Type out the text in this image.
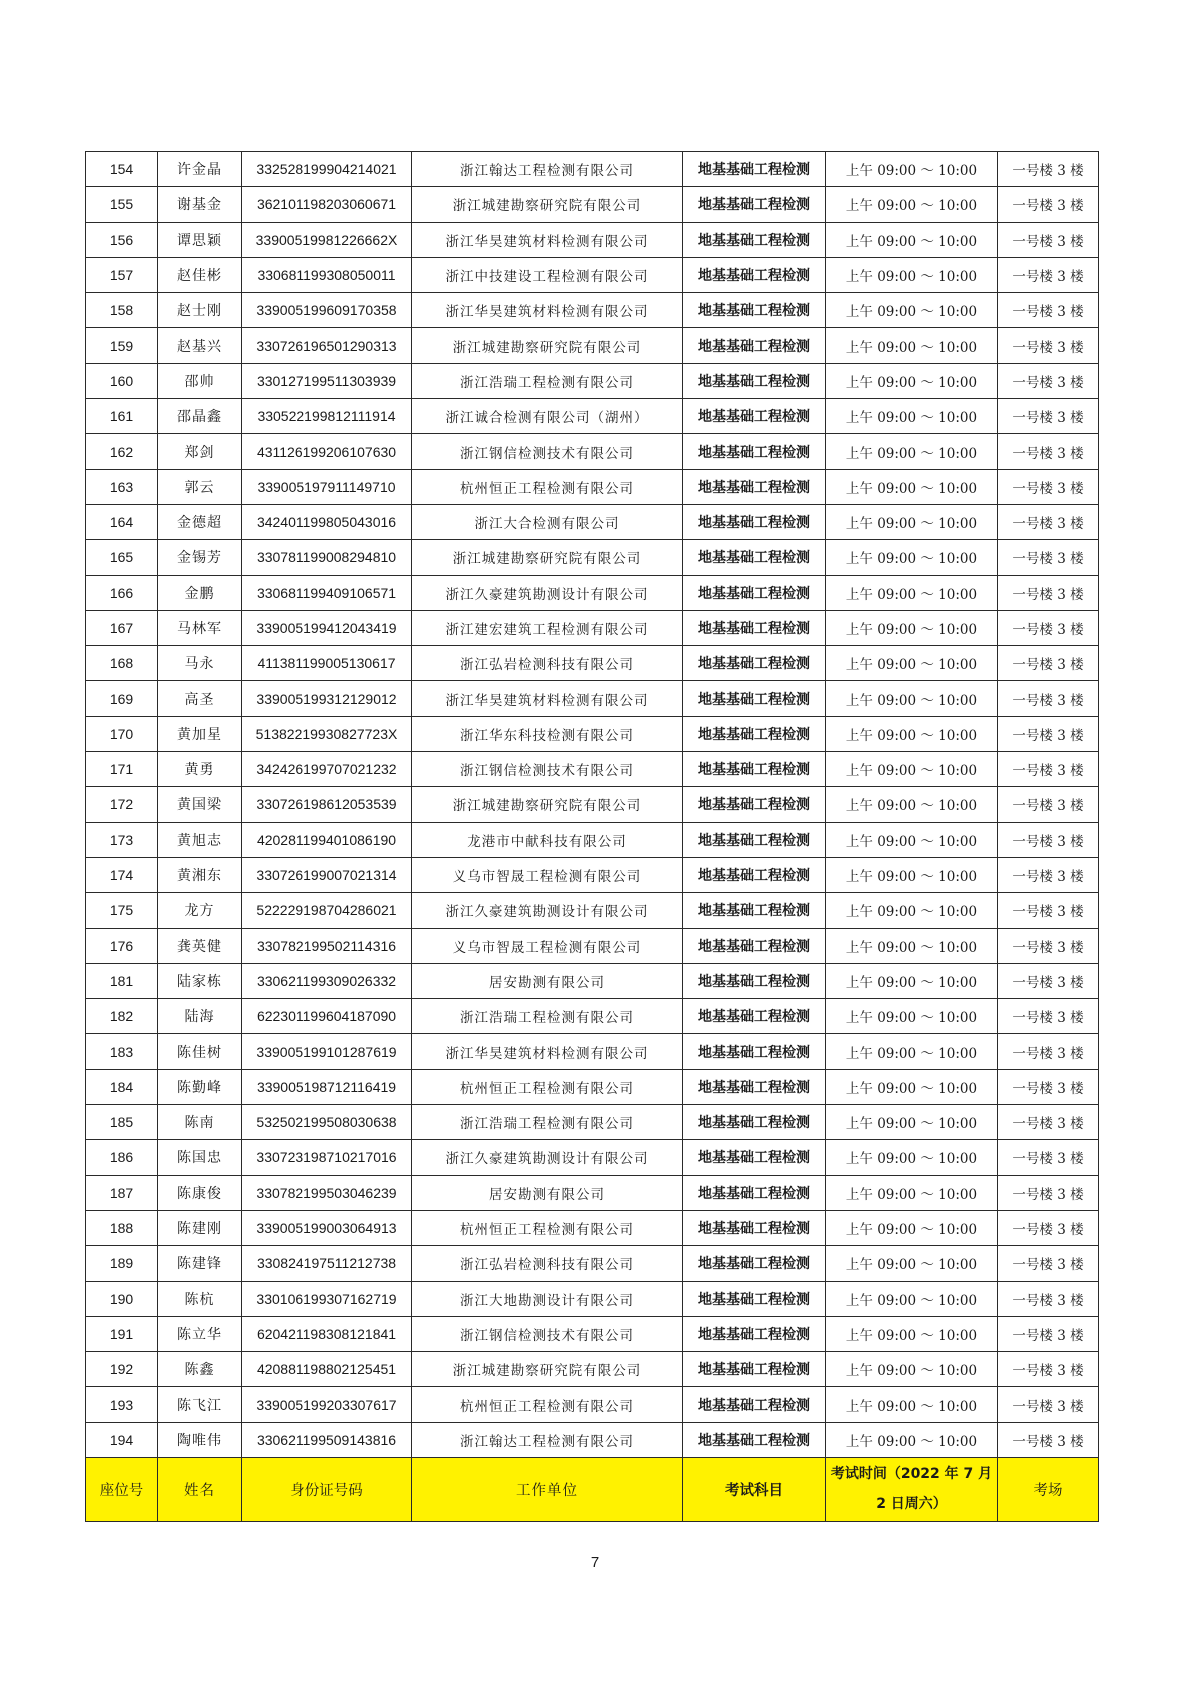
154	许金晶	332528199904214021	浙江翰达工程检测有限公司	地基基础工程检测	上午 09:00 ～ 10:00	一号楼 3 楼
155	谢基金	362101198203060671	浙江城建勘察研究院有限公司	地基基础工程检测	上午 09:00 ～ 10:00	一号楼 3 楼
156	谭思颖	33900519981226662X	浙江华昊建筑材料检测有限公司	地基基础工程检测	上午 09:00 ～ 10:00	一号楼 3 楼
157	赵佳彬	330681199308050011	浙江中技建设工程检测有限公司	地基基础工程检测	上午 09:00 ～ 10:00	一号楼 3 楼
158	赵士刚	339005199609170358	浙江华昊建筑材料检测有限公司	地基基础工程检测	上午 09:00 ～ 10:00	一号楼 3 楼
159	赵基兴	330726196501290313	浙江城建勘察研究院有限公司	地基基础工程检测	上午 09:00 ～ 10:00	一号楼 3 楼
160	邵帅	330127199511303939	浙江浩瑞工程检测有限公司	地基基础工程检测	上午 09:00 ～ 10:00	一号楼 3 楼
161	邵晶鑫	330522199812111914	浙江诚合检测有限公司（湖州）	地基基础工程检测	上午 09:00 ～ 10:00	一号楼 3 楼
162	郑剑	431126199206107630	浙江钢信检测技术有限公司	地基基础工程检测	上午 09:00 ～ 10:00	一号楼 3 楼
163	郭云	339005197911149710	杭州恒正工程检测有限公司	地基基础工程检测	上午 09:00 ～ 10:00	一号楼 3 楼
164	金德超	342401199805043016	浙江大合检测有限公司	地基基础工程检测	上午 09:00 ～ 10:00	一号楼 3 楼
165	金锡芳	330781199008294810	浙江城建勘察研究院有限公司	地基基础工程检测	上午 09:00 ～ 10:00	一号楼 3 楼
166	金鹏	330681199409106571	浙江久豪建筑勘测设计有限公司	地基基础工程检测	上午 09:00 ～ 10:00	一号楼 3 楼
167	马林军	339005199412043419	浙江建宏建筑工程检测有限公司	地基基础工程检测	上午 09:00 ～ 10:00	一号楼 3 楼
168	马永	411381199005130617	浙江弘岩检测科技有限公司	地基基础工程检测	上午 09:00 ～ 10:00	一号楼 3 楼
169	高圣	339005199312129012	浙江华昊建筑材料检测有限公司	地基基础工程检测	上午 09:00 ～ 10:00	一号楼 3 楼
170	黄加星	51382219930827723X	浙江华东科技检测有限公司	地基基础工程检测	上午 09:00 ～ 10:00	一号楼 3 楼
171	黄勇	342426199707021232	浙江钢信检测技术有限公司	地基基础工程检测	上午 09:00 ～ 10:00	一号楼 3 楼
172	黄国梁	330726198612053539	浙江城建勘察研究院有限公司	地基基础工程检测	上午 09:00 ～ 10:00	一号楼 3 楼
173	黄旭志	420281199401086190	龙港市中献科技有限公司	地基基础工程检测	上午 09:00 ～ 10:00	一号楼 3 楼
174	黄湘东	330726199007021314	义乌市智晟工程检测有限公司	地基基础工程检测	上午 09:00 ～ 10:00	一号楼 3 楼
175	龙方	522229198704286021	浙江久豪建筑勘测设计有限公司	地基基础工程检测	上午 09:00 ～ 10:00	一号楼 3 楼
176	龚英健	330782199502114316	义乌市智晟工程检测有限公司	地基基础工程检测	上午 09:00 ～ 10:00	一号楼 3 楼
181	陆家栋	330621199309026332	居安勘测有限公司	地基基础工程检测	上午 09:00 ～ 10:00	一号楼 3 楼
182	陆海	622301199604187090	浙江浩瑞工程检测有限公司	地基基础工程检测	上午 09:00 ～ 10:00	一号楼 3 楼
183	陈佳树	339005199101287619	浙江华昊建筑材料检测有限公司	地基基础工程检测	上午 09:00 ～ 10:00	一号楼 3 楼
184	陈勤峰	339005198712116419	杭州恒正工程检测有限公司	地基基础工程检测	上午 09:00 ～ 10:00	一号楼 3 楼
185	陈南	532502199508030638	浙江浩瑞工程检测有限公司	地基基础工程检测	上午 09:00 ～ 10:00	一号楼 3 楼
186	陈国忠	330723198710217016	浙江久豪建筑勘测设计有限公司	地基基础工程检测	上午 09:00 ～ 10:00	一号楼 3 楼
187	陈康俊	330782199503046239	居安勘测有限公司	地基基础工程检测	上午 09:00 ～ 10:00	一号楼 3 楼
188	陈建刚	339005199003064913	杭州恒正工程检测有限公司	地基基础工程检测	上午 09:00 ～ 10:00	一号楼 3 楼
189	陈建锋	330824197511212738	浙江弘岩检测科技有限公司	地基基础工程检测	上午 09:00 ～ 10:00	一号楼 3 楼
190	陈杭	330106199307162719	浙江大地勘测设计有限公司	地基基础工程检测	上午 09:00 ～ 10:00	一号楼 3 楼
191	陈立华	620421198308121841	浙江钢信检测技术有限公司	地基基础工程检测	上午 09:00 ～ 10:00	一号楼 3 楼
192	陈鑫	420881198802125451	浙江城建勘察研究院有限公司	地基基础工程检测	上午 09:00 ～ 10:00	一号楼 3 楼
193	陈飞江	339005199203307617	杭州恒正工程检测有限公司	地基基础工程检测	上午 09:00 ～ 10:00	一号楼 3 楼
194	陶唯伟	330621199509143816	浙江翰达工程检测有限公司	地基基础工程检测	上午 09:00 ～ 10:00	一号楼 3 楼
座位号	姓名	身份证号码	工作单位	考试科目	考试时间（2022 年 7 月 2 日周六）	考场
7
